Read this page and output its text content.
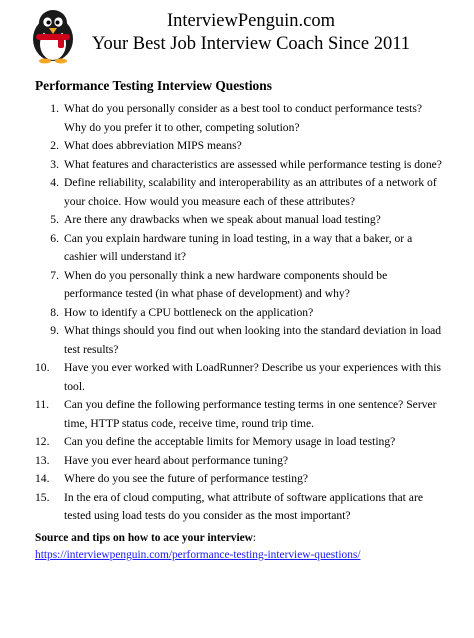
InterviewPenguin.com
Your Best Job Interview Coach Since 2011
Performance Testing Interview Questions
1. What do you personally consider as a best tool to conduct performance tests? Why do you prefer it to other, competing solution?
2. What does abbreviation MIPS means?
3. What features and characteristics are assessed while performance testing is done?
4. Define reliability, scalability and interoperability as an attributes of a network of your choice. How would you measure each of these attributes?
5. Are there any drawbacks when we speak about manual load testing?
6. Can you explain hardware tuning in load testing, in a way that a baker, or a cashier will understand it?
7. When do you personally think a new hardware components should be performance tested (in what phase of development) and why?
8. How to identify a CPU bottleneck on the application?
9. What things should you find out when looking into the standard deviation in load test results?
10.	Have you ever worked with LoadRunner? Describe us your experiences with this tool.
11.	Can you define the following performance testing terms in one sentence? Server time, HTTP status code, receive time, round trip time.
12.	Can you define the acceptable limits for Memory usage in load testing?
13.	Have you ever heard about performance tuning?
14.	Where do you see the future of performance testing?
15.	In the era of cloud computing, what attribute of software applications that are tested using load tests do you consider as the most important?

Source and tips on how to ace your interview: https://interviewpenguin.com/performance-testing-interview-questions/
